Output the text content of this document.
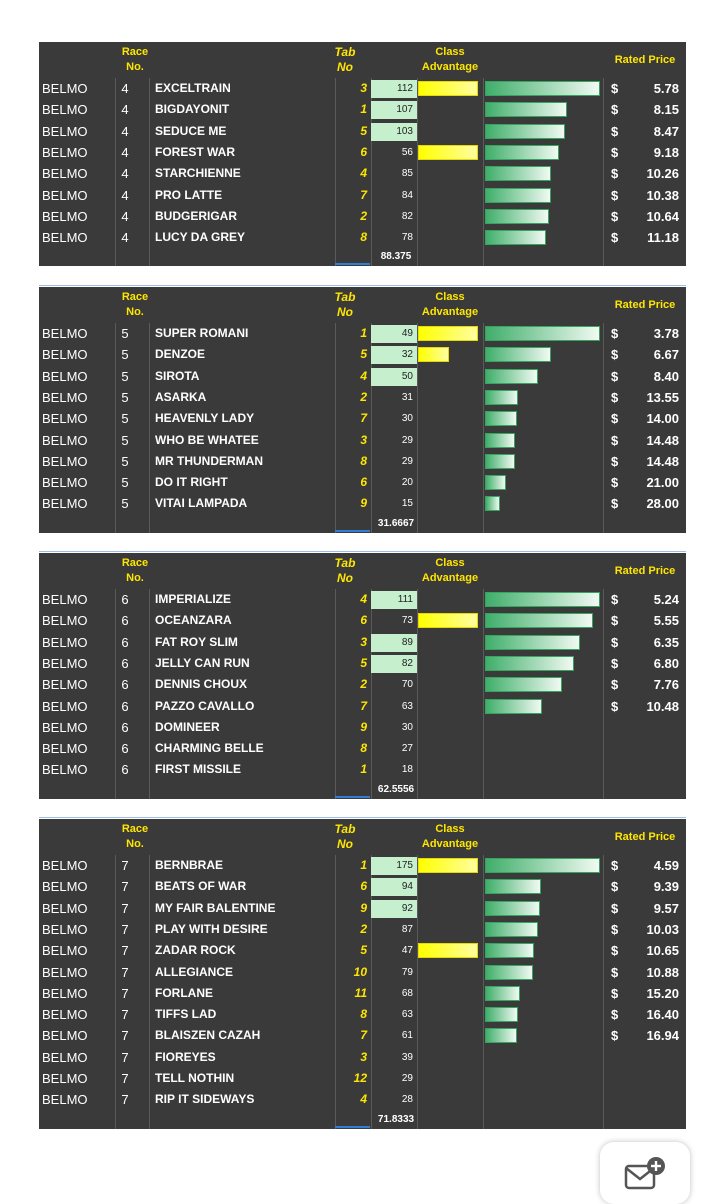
Race
No.
Tab
No
Class
Advantage
Rated Price
BELMO	4 EXCELTRAIN	3	112	$	5.78
BELMO	4 BIGDAYONIT	1	107	$	8.15
BELMO	4 SEDUCE ME	5	103	$	8.47
BELMO	4 FOREST WAR	6	56	$	9.18
BELMO	4 STARCHIENNE	4	85	$	10.26
BELMO	4 PRO LATTE	7	84	$	10.38
BELMO	4 BUDGERIGAR	2	82	$	10.64
BELMO	4 LUCY DA GREY	8	78	$	11.18
88.375
Race
No.
Tab
No
Class
Advantage
Rated Price
BELMO	5 SUPER ROMANI	1	49	$	3.78
BELMO	5 DENZOE	5	32	$	6.67
BELMO	5 SIROTA	4	50	$	8.40
BELMO	5 ASARKA	2	31	$	13.55
BELMO	5 HEAVENLY LADY	7	30	$	14.00
BELMO	5 WHO BE WHATEE	3	29	$	14.48
BELMO	5 MR THUNDERMAN	8	29	$	14.48
BELMO	5 DO IT RIGHT	6	20	$	21.00
BELMO	5 VITAI LAMPADA	9	15	$	28.00
31.6667
Race
No.
Tab
No
Class
Advantage
Rated Price
BELMO	6 IMPERIALIZE	4	111	$	5.24
BELMO	6 OCEANZARA	6	73	$	5.55
BELMO	6 FAT ROY SLIM	3	89	$	6.35
BELMO	6 JELLY CAN RUN	5	82	$	6.80
BELMO	6 DENNIS CHOUX	2	70	$	7.76
BELMO	6 PAZZO CAVALLO	7	63	$	10.48
BELMO	6 DOMINEER	9	30
BELMO	6 CHARMING BELLE	8	27
BELMO	6 FIRST MISSILE	1	18
62.5556
Race
No.
Tab
No
Class
Advantage
Rated Price
BELMO	7 BERNBRAE	1	175	$	4.59
BELMO	7 BEATS OF WAR	6	94	$	9.39
BELMO	7 MY FAIR BALENTINE	9	92	$	9.57
BELMO	7 PLAY WITH DESIRE	2	87	$	10.03
BELMO	7 ZADAR ROCK	5	47	$	10.65
BELMO	7 ALLEGIANCE	10	79	$	10.88
BELMO	7 FORLANE	11	68	$	15.20
BELMO	7 TIFFS LAD	8	63	$	16.40
BELMO	7 BLAISZEN CAZAH	7	61	$	16.94
BELMO	7 FIOREYES	3	39
BELMO	7 TELL NOTHIN	12	29
BELMO	7 RIP IT SIDEWAYS	4	28
71.8333
